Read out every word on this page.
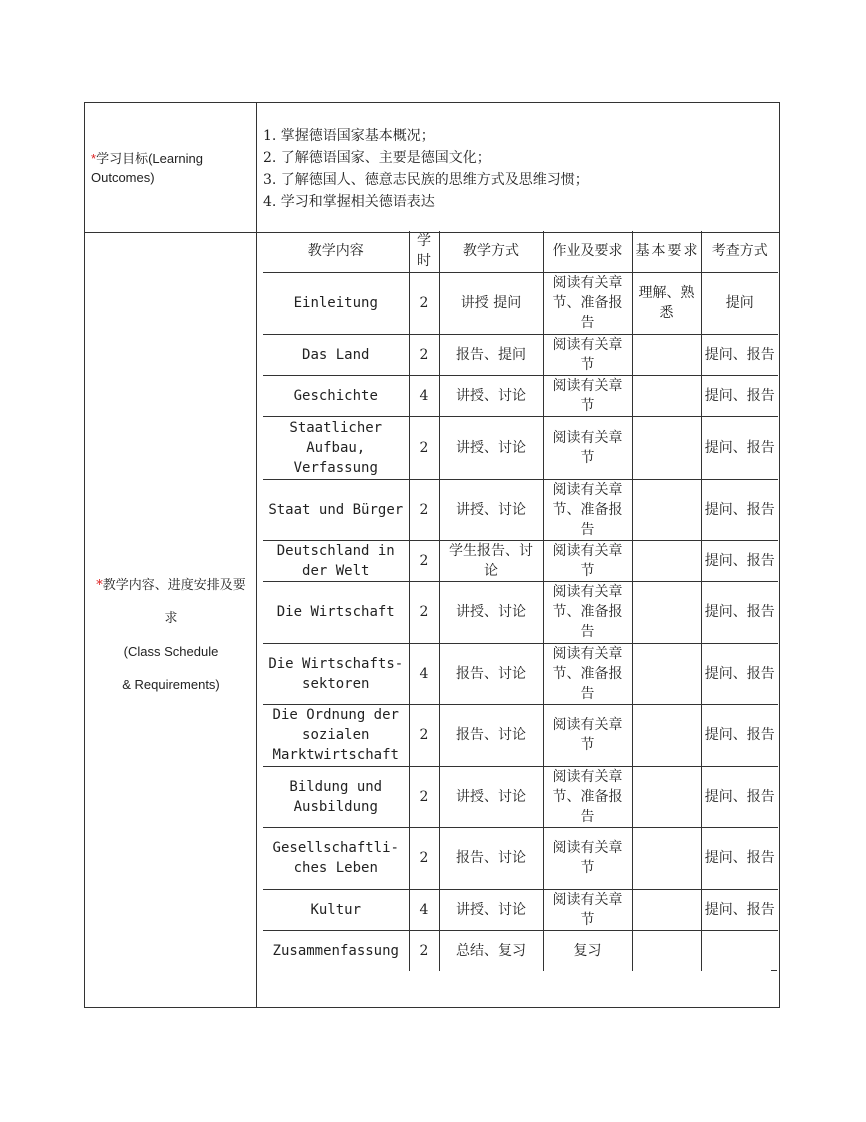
*学习目标(Learning Outcomes)
1. 掌握德语国家基本概况；
2. 了解德语国家、主要是德国文化；
3. 了解德国人、德意志民族的思维方式及思维习惯；
4. 学习和掌握相关德语表达
*教学内容、进度安排及要求
(Class Schedule
& Requirements)
教学内容	学时	教学方式	作业及要求	基本要求	考查方式
Einleitung	2	讲授 提问	阅读有关章节、准备报告	理解、熟悉	提问
Das Land	2	报告、提问	阅读有关章节		提问、报告
Geschichte	4	讲授、讨论	阅读有关章节		提问、报告
Staatlicher Aufbau, Verfassung	2	讲授、讨论	阅读有关章节		提问、报告
Staat und Bürger	2	讲授、讨论	阅读有关章节、准备报告		提问、报告
Deutschland in der Welt	2	学生报告、讨论	阅读有关章节		提问、报告
Die Wirtschaft	2	讲授、讨论	阅读有关章节、准备报告		提问、报告
Die Wirtschafts-sektoren	4	报告、讨论	阅读有关章节、准备报告		提问、报告
Die Ordnung der sozialen Marktwirtschaft	2	报告、讨论	阅读有关章节		提问、报告
Bildung und Ausbildung	2	讲授、讨论	阅读有关章节、准备报告		提问、报告
Gesellschaftli-ches Leben	2	报告、讨论	阅读有关章节		提问、报告
Kultur	4	讲授、讨论	阅读有关章节		提问、报告
Zusammenfassung	2	总结、复习	复习		
